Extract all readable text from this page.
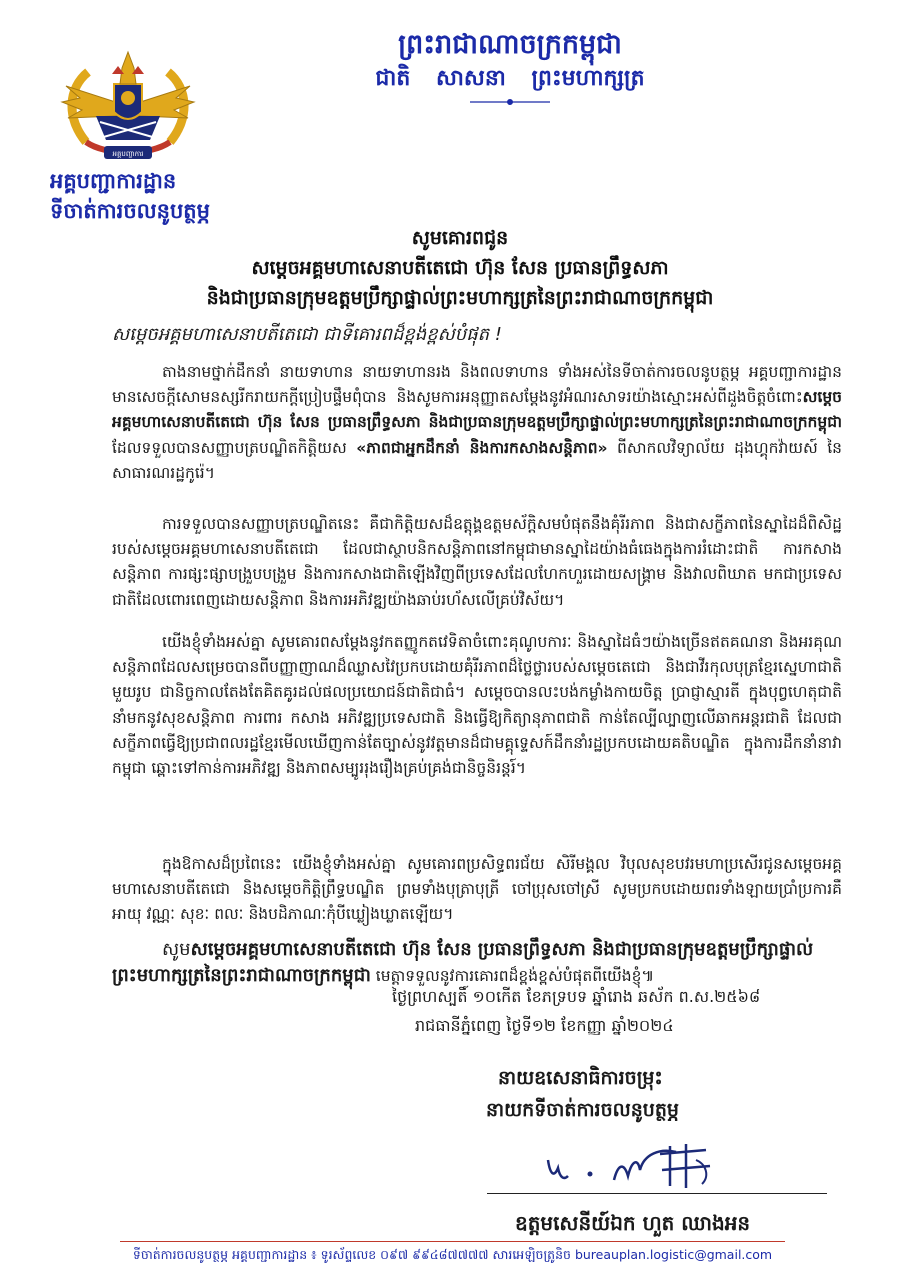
អគ្គបញ្ជាការ
ព្រះរាជាណាចក្រកម្ពុជា
ជាតិ សាសនា ព្រះមហាក្សត្រ
អគ្គបញ្ជាការដ្ឋាន
ទីចាត់ការចលនូបត្ថម្ភ
សូមគោរពជូន
សម្ដេចអគ្គមហាសេនាបតីតេជោ ហ៊ុន សែន ប្រធានព្រឹទ្ធសភា
និងជាប្រធានក្រុមឧត្តមប្រឹក្សាផ្ទាល់ព្រះមហាក្សត្រនៃព្រះរាជាណាចក្រកម្ពុជា
សម្ដេចអគ្គមហាសេនាបតីតេជោ ជាទីគោរពដ៏ខ្ពង់ខ្ពស់បំផុត !
តាងនាមថ្នាក់ដឹកនាំ នាយទាហាន នាយទាហានរង និងពលទាហាន ទាំងអស់នៃទីចាត់ការចលនូបត្ថម្ភ អគ្គបញ្ជាការដ្ឋាន មានសេចក្ដីសោមនស្សរីករាយកក្ដីប្រៀបផ្ទឹមពុំបាន និងសូមការអនុញ្ញាតសម្ដែងនូវអំណរសាទរយ៉ាងស្មោះអស់ពីដួងចិត្តចំពោះសម្ដេចអគ្គមហាសេនាបតីតេជោ ហ៊ុន សែន ប្រធានព្រឹទ្ធសភា និងជាប្រធានក្រុមឧត្តមប្រឹក្សាផ្ទាល់ព្រះមហាក្សត្រនៃព្រះរាជាណាចក្រកម្ពុជា ដែលទទួលបានសញ្ញាបត្របណ្ឌិតកិត្តិយស «ភាពជាអ្នកដឹកនាំ និងការកសាងសន្តិភាព» ពីសាកលវិទ្យាល័យ ដុងហ្គុកវ៉ាយស៍ នៃសាធារណរដ្ឋកូរ៉េ។
ការទទួលបានសញ្ញាបត្របណ្ឌិតនេះ គឺជាកិត្តិយសដ៏ឧត្តុង្គឧត្តមស័ក្ដិសមបំផុតនឹងគុំរីរភាព និងជាសក្ខីភាពនៃស្នាដៃដ៏ពិសិដ្ឋរបស់សម្ដេចអគ្គមហាសេនាបតីតេជោ ដែលជាស្ថាបនិកសន្តិភាពនៅកម្ពុជាមានស្នាដៃយ៉ាងធំធេងក្នុងការរំដោះជាតិ ការកសាងសន្តិភាព ការផ្សះផ្សាបង្រួបបង្រួម និងការកសាងជាតិឡើងវិញពីប្រទេសដែលហែកហួរដោយសង្គ្រាម និងវាលពិឃាត មកជាប្រទេសជាតិដែលពោរពេញដោយសន្តិភាព និងការអភិវឌ្ឍយ៉ាងឆាប់រហ័សលើគ្រប់វិស័យ។
យើងខ្ញុំទាំងអស់គ្នា សូមគោរពសម្ដែងនូវកតញ្ញូកតវេទិតាចំពោះគុណូបការៈ និងស្នាដៃធំៗយ៉ាងច្រើនឥតគណនា និងអរគុណសន្តិភាពដែលសម្រេចបានពីបញ្ញាញាណដ៏ឈ្លាសវៃប្រកបដោយគុំរីរភាពដ៏ថ្លៃថ្លារបស់សម្ដេចតេជោ និងជាវីរកុលបុត្រខ្មែរស្នេហាជាតិមួយរូប ជានិច្ចកាលតែងតែគិតគូរដល់ផលប្រយោជន៍ជាតិជាធំ។ សម្ដេចបានលះបង់កម្លាំងកាយចិត្ត ប្រាជ្ញាស្មារតី ក្នុងបុព្វហេតុជាតិ នាំមកនូវសុខសន្តិភាព ការពារ កសាង អភិវឌ្ឍប្រទេសជាតិ និងធ្វើឱ្យកិត្យានុភាពជាតិ កាន់តែល្បីល្បាញលើឆាកអន្តរជាតិ ដែលជាសក្ខីភាពធ្វើឱ្យប្រជាពលរដ្ឋខ្មែរមើលឃើញកាន់តែច្បាស់នូវវត្តមានដ៏ជាមគ្គុទ្ទេសក៍ដឹកនាំរដ្ឋប្រកបដោយគតិបណ្ឌិត ក្នុងការដឹកនាំនាវាកម្ពុជា ឆ្ពោះទៅកាន់ការអភិវឌ្ឍ និងភាពសម្បូររុងរឿងគ្រប់គ្រង់ជានិច្ចនិរន្តរ៍។
ក្នុងឱកាសដ៏ប្រពៃនេះ យើងខ្ញុំទាំងអស់គ្នា សូមគោរពប្រសិទ្ធពរជ័យ សិរីមង្គល វិបុលសុខបវរមហាប្រសើរជូនសម្ដេចអគ្គមហាសេនាបតីតេជោ និងសម្ដេចកិត្តិព្រឹទ្ធបណ្ឌិត ព្រមទាំងបុត្រាបុត្រី ចៅប្រុសចៅស្រី សូមប្រកបដោយពរទាំងឡាយប្រាំប្រការគឺ អាយុ វណ្ណៈ សុខៈ ពលៈ និងបដិភាណៈកុំបីឃ្លៀងឃ្លាតឡើយ។
សូមសម្ដេចអគ្គមហាសេនាបតីតេជោ ហ៊ុន សែន ប្រធានព្រឹទ្ធសភា និងជាប្រធានក្រុមឧត្តមប្រឹក្សាផ្ទាល់ព្រះមហាក្សត្រនៃព្រះរាជាណាចក្រកម្ពុជា មេត្តាទទួលនូវការគោរពដ៏ខ្ពង់ខ្ពស់បំផុតពីយើងខ្ញុំ៕
ថ្ងៃព្រហស្បតិ៍ ១០កើត ខែភទ្របទ ឆ្នាំរោង ឆស័ក ព.ស.២៥៦៨
រាជធានីភ្នំពេញ ថ្ងៃទី១២ ខែកញ្ញា ឆ្នាំ២០២៤
នាយឧសេនាធិការចម្រុះ
នាយកទីចាត់ការចលនូបត្ថម្ភ
ឧត្តមសេនីយ៍ឯក ហួត ឈាងអន
ទីចាត់ការចលនូបត្ថម្ភ អគ្គបញ្ជាការដ្ឋាន ៖ ទូរស័ព្ទលេខ ០៩៧ ៩៩៤៨៧៧៧៧ សារអេឡិចត្រូនិច bureauplan.logistic@gmail.com
